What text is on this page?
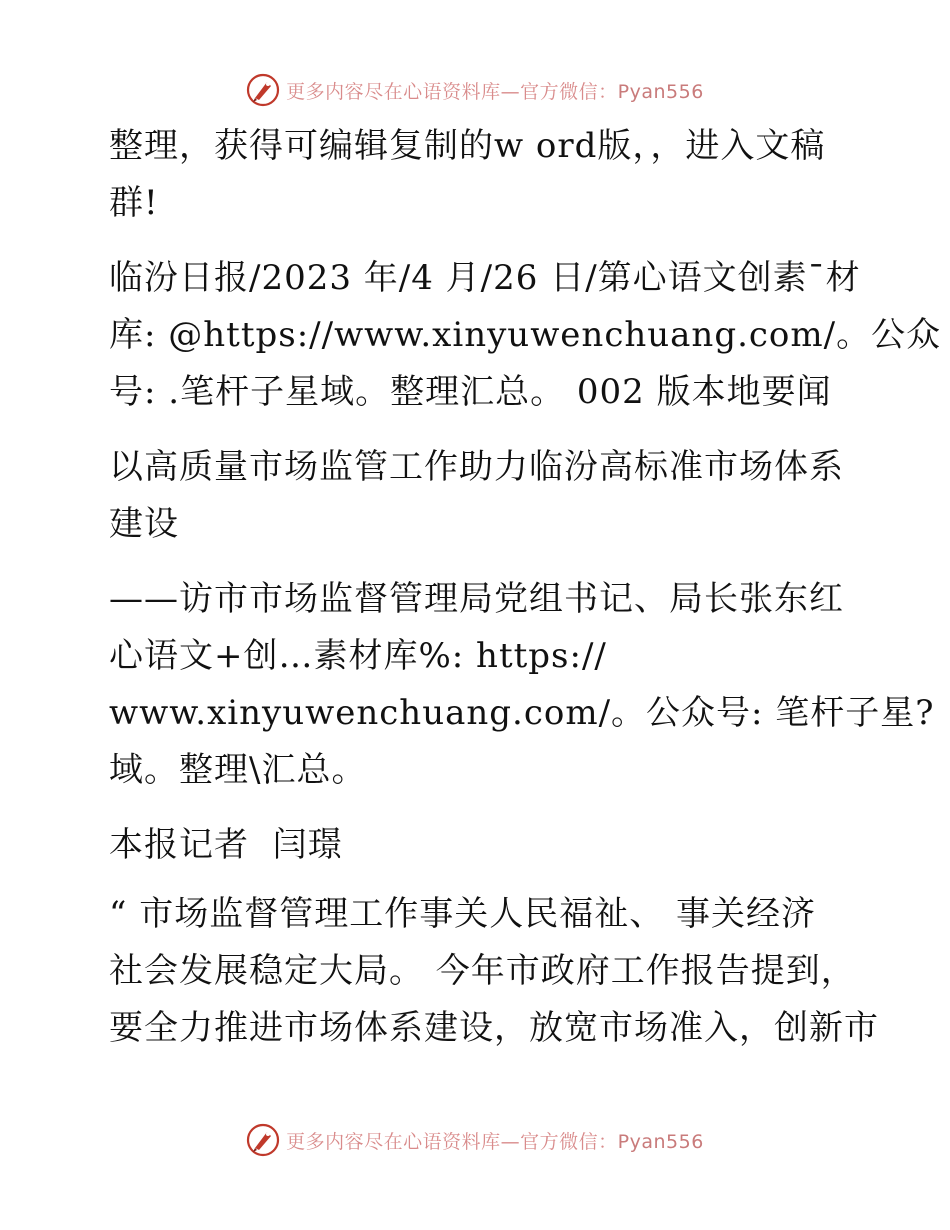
更多内容尽在心语资料库—官方微信：Pyan556
整理，获得可编辑复制的w ord版，，进入文稿
群!
临汾日报/2023 年/4 月/26 日/第心语文创素¯材
库: @https://www.xinyuwenchuang.com/。公众
号: .笔杆子星域。整理汇总。 002 版本地要闻
以高质量市场监管工作助力临汾高标准市场体系
建设
——访市市场监督管理局党组书记、局长张东红
心语文+创…素材库%: https://
www.xinyuwenchuang.com/。公众号: 笔杆子星?
域。整理\汇总。
本报记者  闫璟
“ 市场监督管理工作事关人民福祉、 事关经济
社会发展稳定大局。 今年市政府工作报告提到，
要全力推进市场体系建设，放宽市场准入，创新市
更多内容尽在心语资料库—官方微信：Pyan556
